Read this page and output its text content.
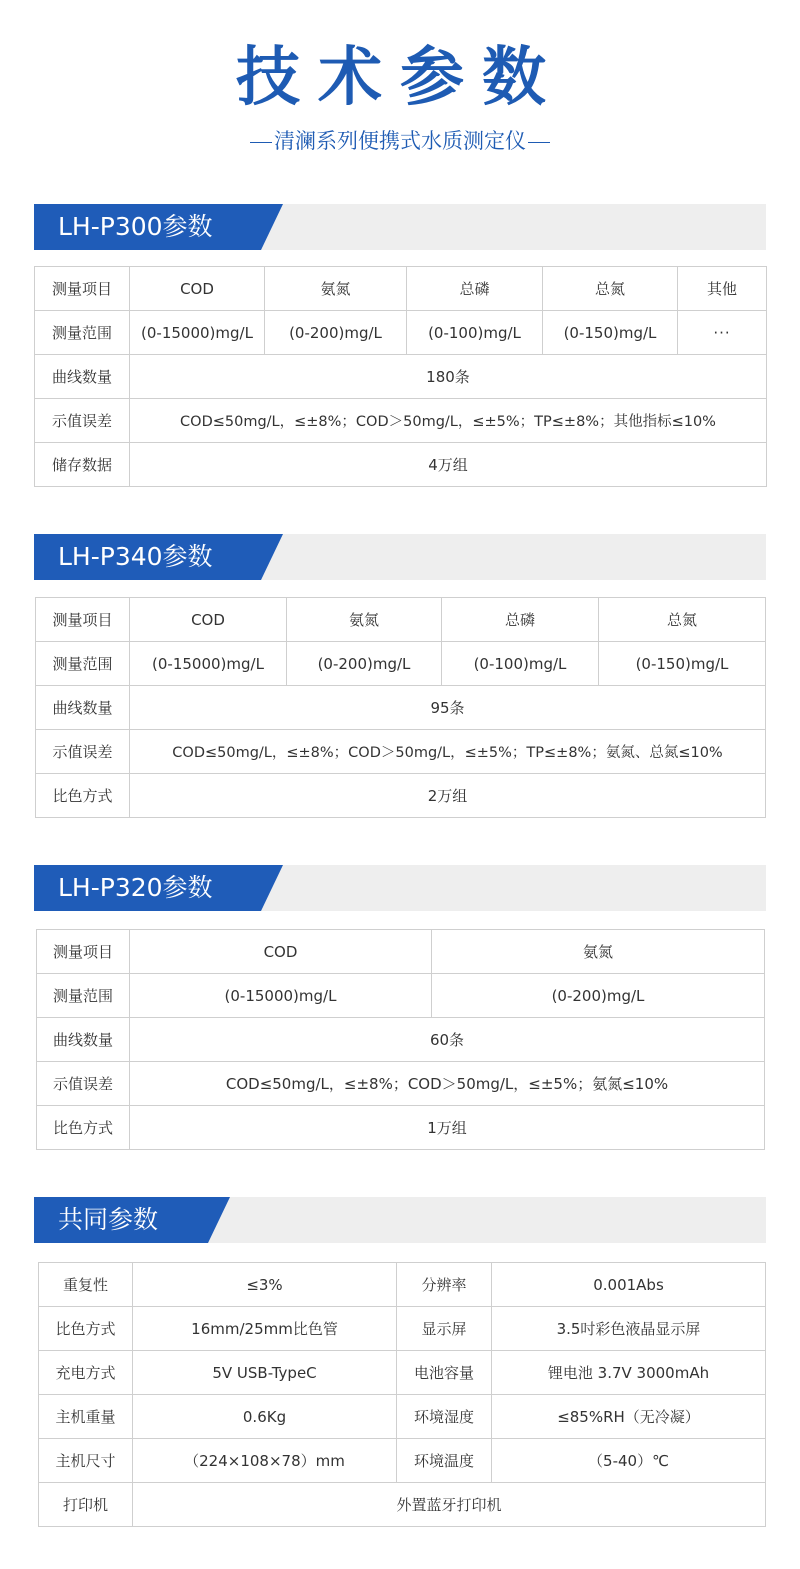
技术参数
清澜系列便携式水质测定仪
LH-P300参数
测量项目	COD	氨氮	总磷	总氮	其他
测量范围	(0-15000)mg/L	(0-200)mg/L	(0-100)mg/L	(0-150)mg/L	···
曲线数量	180条				
示值误差	COD≤50mg/L，≤±8%；COD＞50mg/L，≤±5%；TP≤±8%；其他指标≤10%				
储存数据	4万组				
LH-P340参数
测量项目	COD	氨氮	总磷	总氮
测量范围	(0-15000)mg/L	(0-200)mg/L	(0-100)mg/L	(0-150)mg/L
曲线数量	95条			
示值误差	COD≤50mg/L，≤±8%；COD＞50mg/L，≤±5%；TP≤±8%；氨氮、总氮≤10%			
比色方式	2万组			
LH-P320参数
测量项目	COD	氨氮
测量范围	(0-15000)mg/L	(0-200)mg/L
曲线数量	60条	
示值误差	COD≤50mg/L，≤±8%；COD＞50mg/L，≤±5%；氨氮≤10%	
比色方式	1万组	
共同参数
重复性	≤3%	分辨率	0.001Abs
比色方式	16mm/25mm比色管	显示屏	3.5吋彩色液晶显示屏
充电方式	5V USB-TypeC	电池容量	锂电池 3.7V 3000mAh
主机重量	0.6Kg	环境湿度	≤85%RH（无冷凝）
主机尺寸	（224×108×78）mm	环境温度	（5-40）℃
打印机	外置蓝牙打印机		
